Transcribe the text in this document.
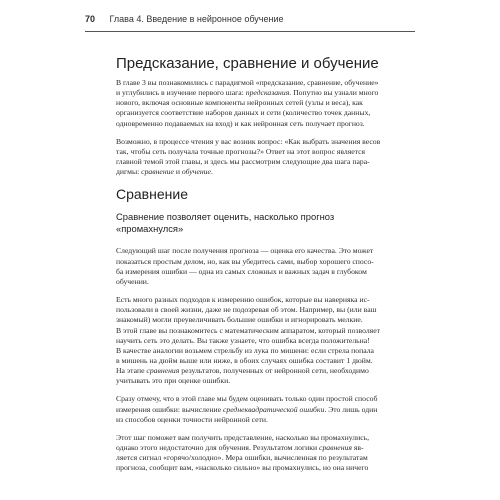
70 Глава 4. Введение в нейронное обучение
Предсказание, сравнение и обучение

В главе 3 вы познакомились с парадигмой «предсказание, сравнение, обучение»
и углубились в изучение первого шага: предсказания. Попутно вы узнали много
нового, включая основные компоненты нейронных сетей (узлы и веса), как
организуется соответствие наборов данных и сети (количество точек данных,
одновременно подаваемых на вход) и как нейронная сеть получает прогноз.

Возможно, в процессе чтения у вас возник вопрос: «Как выбрать значения весов
так, чтобы сеть получала точные прогнозы?» Ответ на этот вопрос является
главной темой этой главы, и здесь мы рассмотрим следующие два шага пара-
дигмы: сравнение и обучение.

Сравнение
Сравнение позволяет оценить, насколько прогноз «промахнулся»

Следующий шаг после получения прогноза — оценка его качества. Это может
показаться простым делом, но, как вы убедитесь сами, выбор хорошего спосо-
ба измерения ошибки — одна из самых сложных и важных задач в глубоком
обучении.

Есть много разных подходов к измерению ошибок, которые вы наверняка ис-
пользовали в своей жизни, даже не подозревая об этом. Например, вы (или ваш
знакомый) могли преувеличивать большие ошибки и игнорировать мелкие.
В этой главе вы познакомитесь с математическим аппаратом, который позволяет
научить сеть это делать. Вы также узнаете, что ошибка всегда положительна!
В качестве аналогии возьмем стрельбу из лука по мишени: если стрела попала
в мишень на дюйм выше или ниже, в обоих случаях ошибка составит 1 дюйм.
На этапе сравнения результатов, полученных от нейронной сети, необходимо
учитывать это при оценке ошибки.

Сразу отмечу, что в этой главе мы будем оценивать только один простой способ
измерения ошибки: вычисление среднеквадратической ошибки. Это лишь один
из способов оценки точности нейронной сети.

Этот шаг поможет вам получить представление, насколько вы промахнулись,
однако этого недостаточно для обучения. Результатом логики сравнения яв-
ляется сигнал «горячо/холодно». Мера ошибки, вычисленная по результатам
прогноза, сообщит вам, «насколько сильно» вы промахнулись, но она ничего
